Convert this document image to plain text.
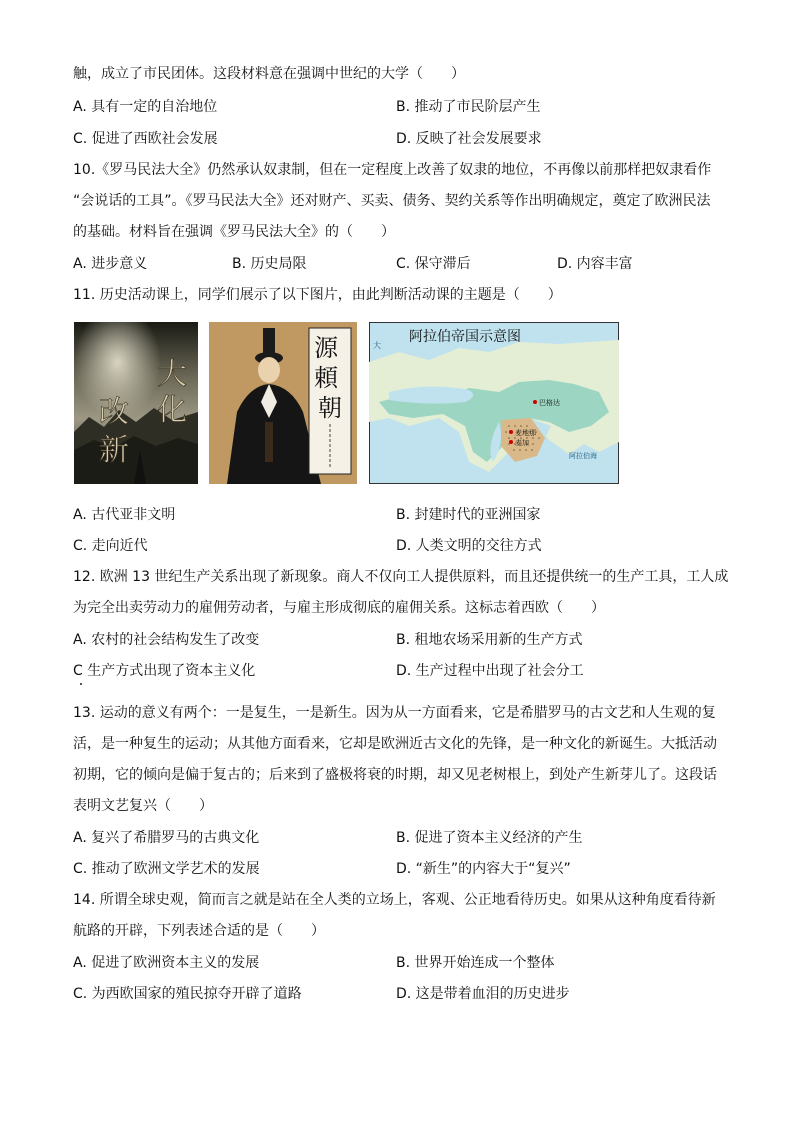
触，成立了市民团体。这段材料意在强调中世纪的大学（　　）
A. 具有一定的自治地位	B. 推动了市民阶层产生
C. 促进了西欧社会发展	D. 反映了社会发展要求
10.《罗马民法大全》仍然承认奴隶制，但在一定程度上改善了奴隶的地位，不再像以前那样把奴隶看作
“会说话的工具”。《罗马民法大全》还对财产、买卖、债务、契约关系等作出明确规定，奠定了欧洲民法
的基础。材料旨在强调《罗马民法大全》的（　　）
A. 进步意义	B. 历史局限	C. 保守滞后	D. 内容丰富
11. 历史活动课上，同学们展示了以下图片，由此判断活动课的主题是（　　）
大
化
改
新
源 頼 朝
阿拉伯帝国示意图
巴格达
麦地那
麦加
阿拉伯海
大
A. 古代亚非文明	B. 封建时代的亚洲国家
C. 走向近代	D. 人类文明的交往方式
12. 欧洲 13 世纪生产关系出现了新现象。商人不仅向工人提供原料，而且还提供统一的生产工具，工人成
为完全出卖劳动力的雇佣劳动者，与雇主形成彻底的雇佣关系。这标志着西欧（　　）
A. 农村的社会结构发生了改变	B. 租地农场采用新的生产方式
C 生产方式出现了资本主义化	D. 生产过程中出现了社会分工
13. 运动的意义有两个：一是复生，一是新生。因为从一方面看来，它是希腊罗马的古文艺和人生观的复
活，是一种复生的运动；从其他方面看来，它却是欧洲近古文化的先锋，是一种文化的新诞生。大抵活动
初期，它的倾向是偏于复古的；后来到了盛极将衰的时期，却又见老树根上，到处产生新芽儿了。这段话
表明文艺复兴（　　）
A. 复兴了希腊罗马的古典文化	B. 促进了资本主义经济的产生
C. 推动了欧洲文学艺术的发展	D. “新生”的内容大于“复兴”
14. 所谓全球史观，简而言之就是站在全人类的立场上，客观、公正地看待历史。如果从这种角度看待新
航路的开辟，下列表述合适的是（　　）
A. 促进了欧洲资本主义的发展	B. 世界开始连成一个整体
C. 为西欧国家的殖民掠夺开辟了道路	D. 这是带着血泪的历史进步
